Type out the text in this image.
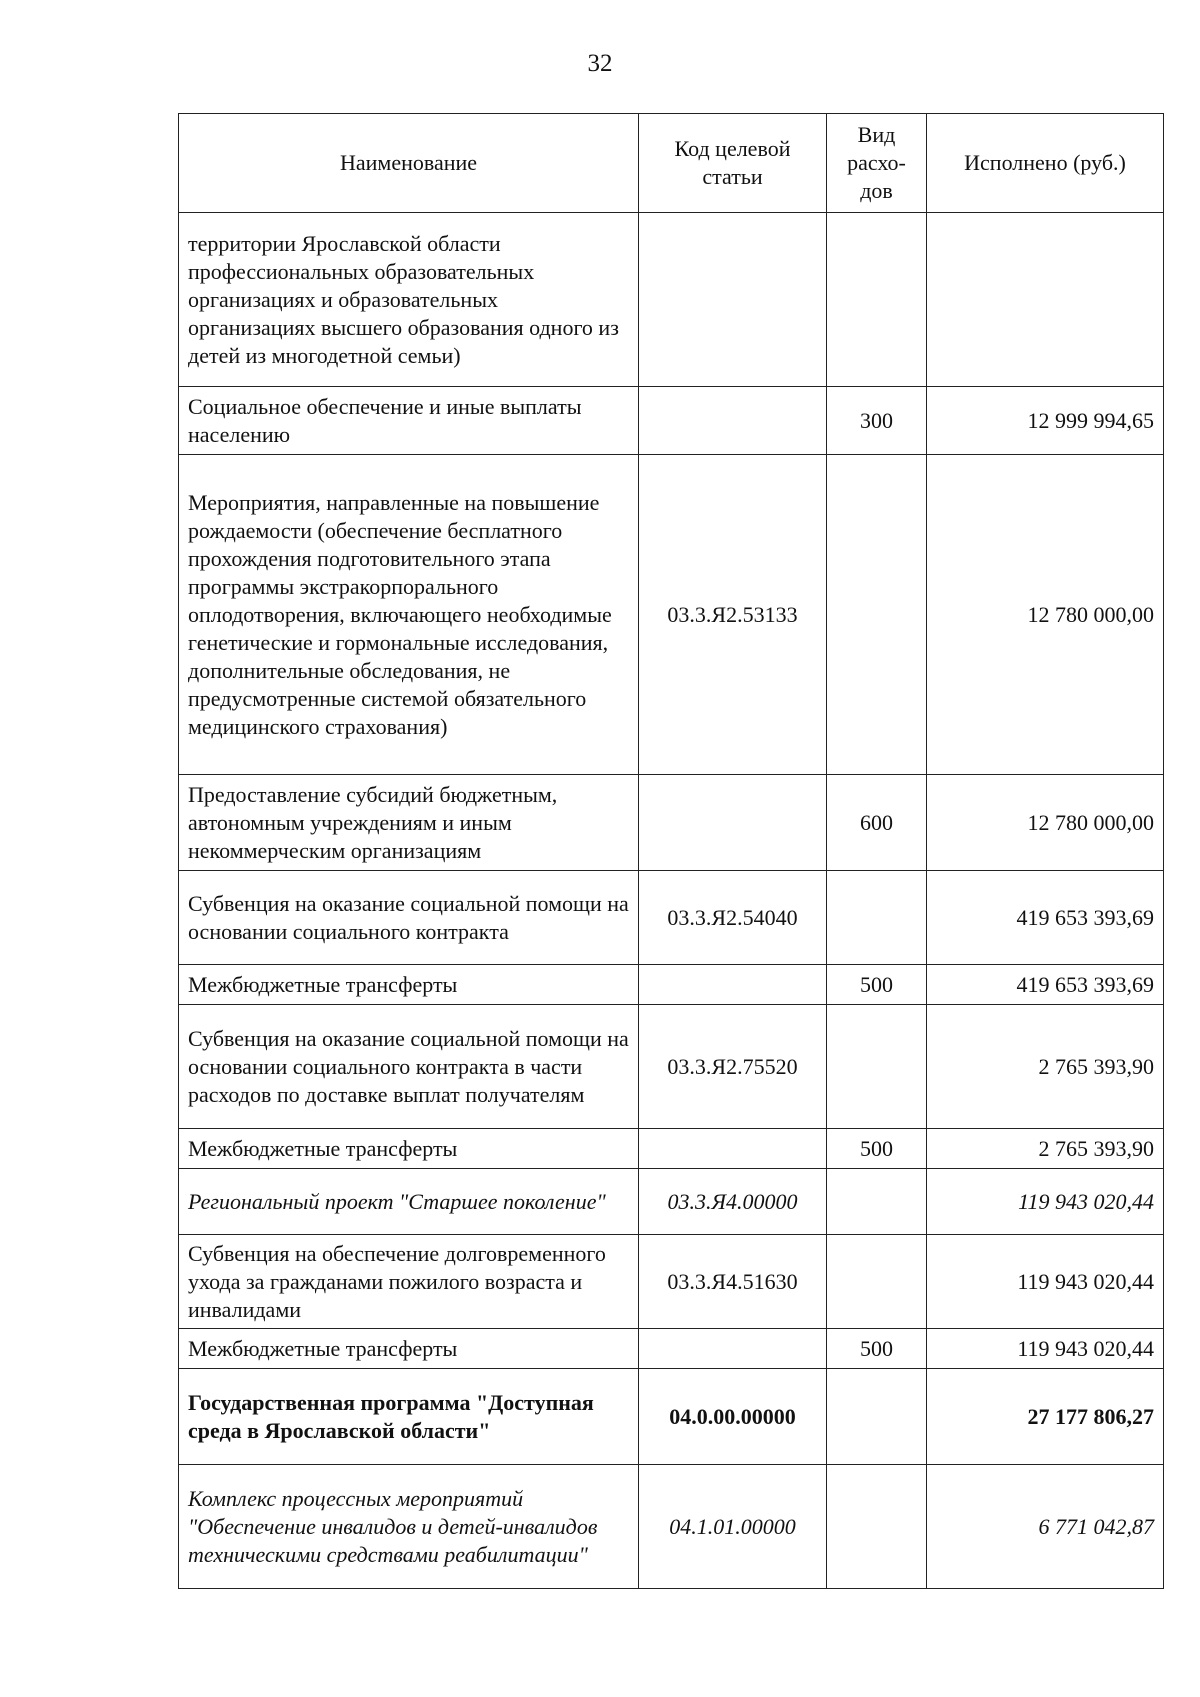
32
Наименование	Код целевой статьи	Вид расхо-дов	Исполнено (руб.)
территории Ярославской области профессиональных образовательных организациях и образовательных организациях высшего образования одного из детей из многодетной семьи)			
Социальное обеспечение и иные выплаты населению		300	12 999 994,65
Мероприятия, направленные на повышение рождаемости (обеспечение бесплатного прохождения подготовительного этапа программы экстракорпорального оплодотворения, включающего необходимые генетические и гормональные исследования, дополнительные обследования, не предусмотренные системой обязательного медицинского страхования)	03.3.Я2.53133		12 780 000,00
Предоставление субсидий бюджетным, автономным учреждениям и иным некоммерческим организациям		600	12 780 000,00
Субвенция на оказание социальной помощи на основании социального контракта	03.3.Я2.54040		419 653 393,69
Межбюджетные трансферты		500	419 653 393,69
Субвенция на оказание социальной помощи на основании социального контракта в части расходов по доставке выплат получателям	03.3.Я2.75520		2 765 393,90
Межбюджетные трансферты		500	2 765 393,90
Региональный проект "Старшее поколение"	03.3.Я4.00000		119 943 020,44
Субвенция на обеспечение долговременного ухода за гражданами пожилого возраста и инвалидами	03.3.Я4.51630		119 943 020,44
Межбюджетные трансферты		500	119 943 020,44
Государственная программа "Доступная среда в Ярославской области"	04.0.00.00000		27 177 806,27
Комплекс процессных мероприятий "Обеспечение инвалидов и детей-инвалидов техническими средствами реабилитации"	04.1.01.00000		6 771 042,87
